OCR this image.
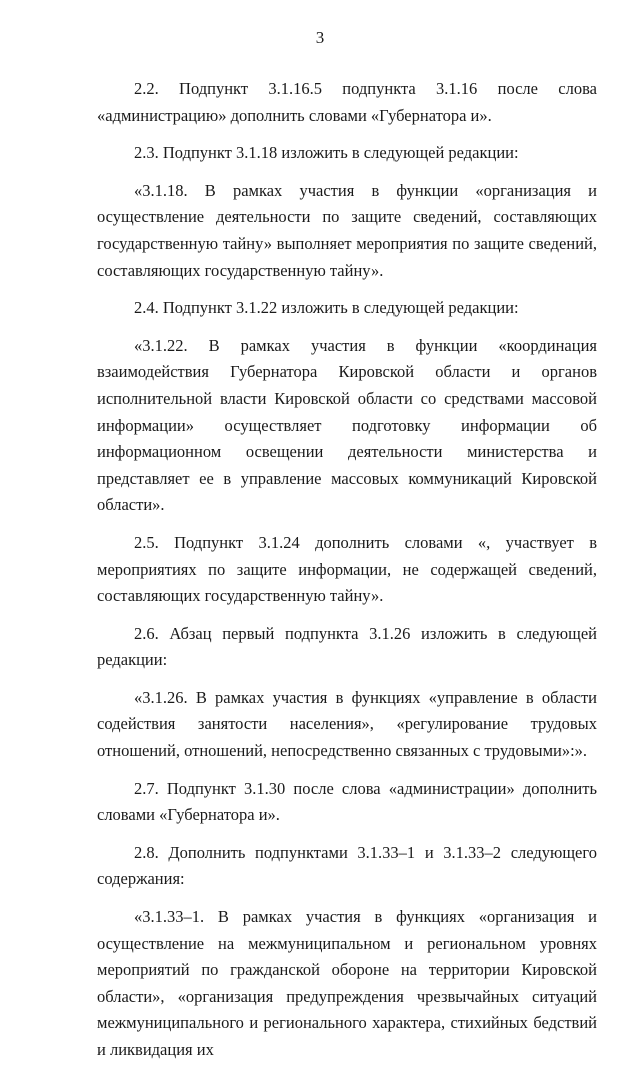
3

2.2. Подпункт 3.1.16.5 подпункта 3.1.16 после слова «администрацию» дополнить словами «Губернатора и».

2.3. Подпункт 3.1.18 изложить в следующей редакции:

«3.1.18. В рамках участия в функции «организация и осуществление деятельности по защите сведений, составляющих государственную тайну» выполняет мероприятия по защите сведений, составляющих государственную тайну».

2.4. Подпункт 3.1.22 изложить в следующей редакции:

«3.1.22. В рамках участия в функции «координация взаимодействия Губернатора Кировской области и органов исполнительной власти Кировской области со средствами массовой информации» осуществляет подготовку информации об информационном освещении деятельности министерства и представляет ее в управление массовых коммуникаций Кировской области».

2.5. Подпункт 3.1.24 дополнить словами «, участвует в мероприятиях по защите информации, не содержащей сведений, составляющих государственную тайну».

2.6. Абзац первый подпункта 3.1.26 изложить в следующей редакции:

«3.1.26. В рамках участия в функциях «управление в области содействия занятости населения», «регулирование трудовых отношений, отношений, непосредственно связанных с трудовыми»:».

2.7. Подпункт 3.1.30 после слова «администрации» дополнить словами «Губернатора и».

2.8. Дополнить подпунктами 3.1.33–1 и 3.1.33–2 следующего содержания:

«3.1.33–1. В рамках участия в функциях «организация и осуществление на межмуниципальном и региональном уровнях мероприятий по гражданской обороне на территории Кировской области», «организация предупреждения чрезвычайных ситуаций межмуниципального и регионального характера, стихийных бедствий и ликвидация их
